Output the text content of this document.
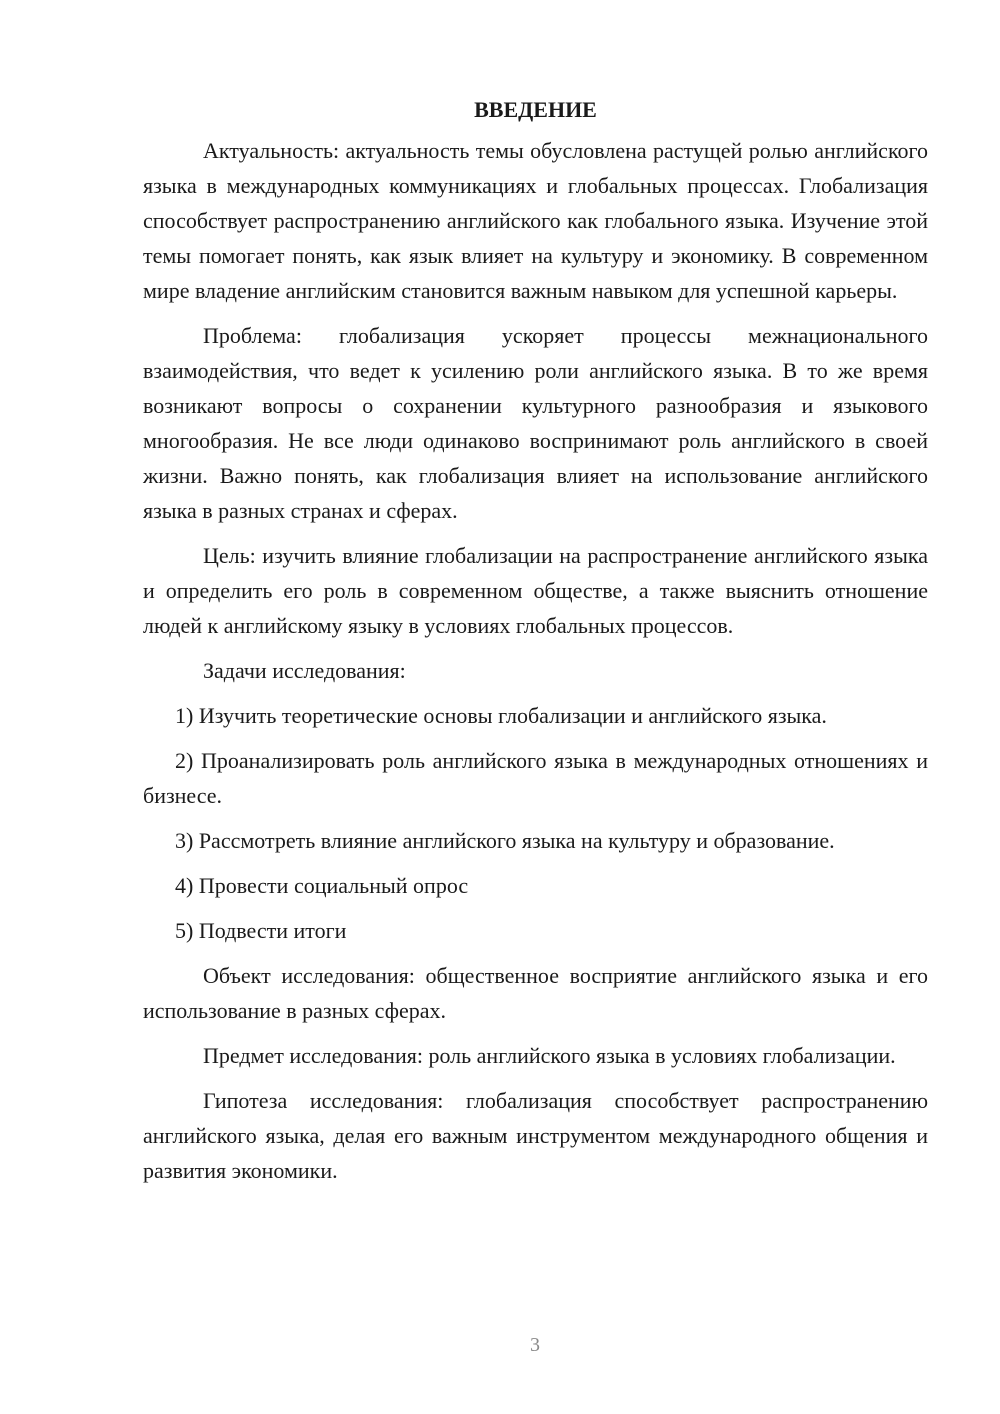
ВВЕДЕНИЕ

Актуальность: актуальность темы обусловлена растущей ролью английского языка в международных коммуникациях и глобальных процессах. Глобализация способствует распространению английского как глобального языка. Изучение этой темы помогает понять, как язык влияет на культуру и экономику. В современном мире владение английским становится важным навыком для успешной карьеры.

Проблема: глобализация ускоряет процессы межнационального взаимодействия, что ведет к усилению роли английского языка. В то же время возникают вопросы о сохранении культурного разнообразия и языкового многообразия. Не все люди одинаково воспринимают роль английского в своей жизни. Важно понять, как глобализация влияет на использование английского языка в разных странах и сферах.

Цель: изучить влияние глобализации на распространение английского языка и определить его роль в современном обществе, а также выяснить отношение людей к английскому языку в условиях глобальных процессов.

Задачи исследования:

1) Изучить теоретические основы глобализации и английского языка.

2) Проанализировать роль английского языка в международных отношениях и бизнесе.

3) Рассмотреть влияние английского языка на культуру и образование.

4) Провести социальный опрос

5) Подвести итоги

Объект исследования: общественное восприятие английского языка и его использование в разных сферах.

Предмет исследования: роль английского языка в условиях глобализации.

Гипотеза исследования: глобализация способствует распространению английского языка, делая его важным инструментом международного общения и развития экономики.

3
